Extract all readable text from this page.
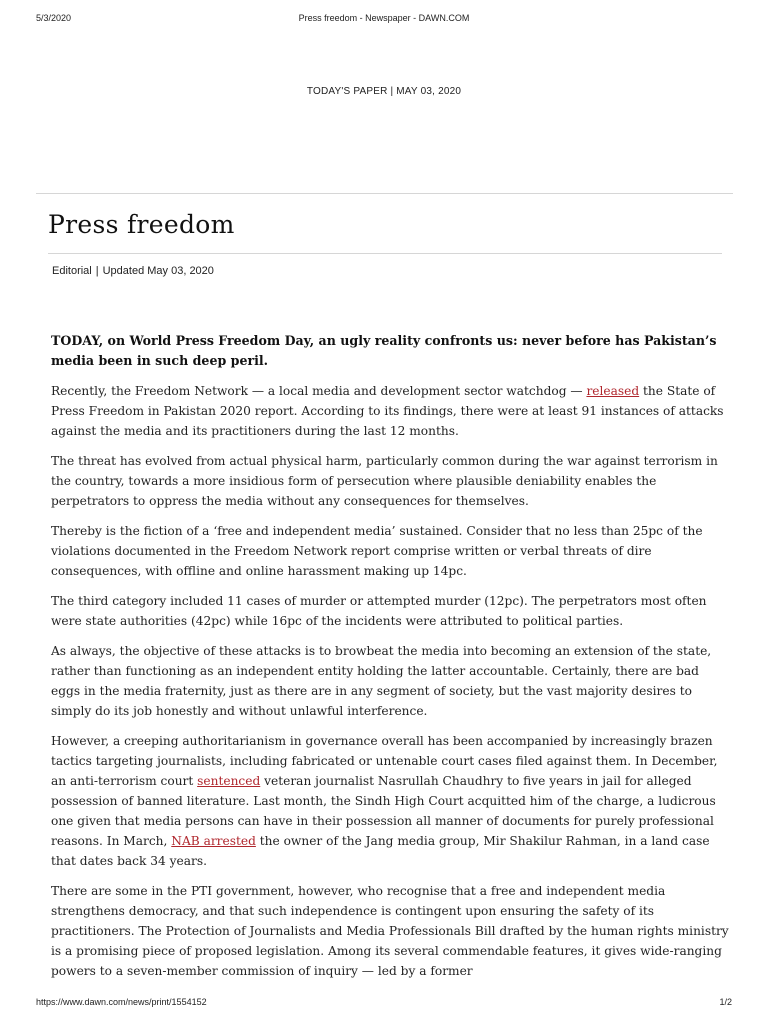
Press freedom - Newspaper - DAWN.COM
5/3/2020
TODAY'S PAPER | MAY 03, 2020
Press freedom
Editorial | Updated May 03, 2020

TODAY, on World Press Freedom Day, an ugly reality confronts us: never before has Pakistan’s media been in such deep peril.

Recently, the Freedom Network — a local media and development sector watchdog — released the State of Press Freedom in Pakistan 2020 report. According to its findings, there were at least 91 instances of attacks against the media and its practitioners during the last 12 months.

The threat has evolved from actual physical harm, particularly common during the war against terrorism in the country, towards a more insidious form of persecution where plausible deniability enables the perpetrators to oppress the media without any consequences for themselves.

Thereby is the fiction of a ‘free and independent media’ sustained. Consider that no less than 25pc of the violations documented in the Freedom Network report comprise written or verbal threats of dire consequences, with offline and online harassment making up 14pc.

The third category included 11 cases of murder or attempted murder (12pc). The perpetrators most often were state authorities (42pc) while 16pc of the incidents were attributed to political parties.

As always, the objective of these attacks is to browbeat the media into becoming an extension of the state, rather than functioning as an independent entity holding the latter accountable. Certainly, there are bad eggs in the media fraternity, just as there are in any segment of society, but the vast majority desires to simply do its job honestly and without unlawful interference.

However, a creeping authoritarianism in governance overall has been accompanied by increasingly brazen tactics targeting journalists, including fabricated or untenable court cases filed against them. In December, an anti-terrorism court sentenced veteran journalist Nasrullah Chaudhry to five years in jail for alleged possession of banned literature. Last month, the Sindh High Court acquitted him of the charge, a ludicrous one given that media persons can have in their possession all manner of documents for purely professional reasons. In March, NAB arrested the owner of the Jang media group, Mir Shakilur Rahman, in a land case that dates back 34 years.

There are some in the PTI government, however, who recognise that a free and independent media strengthens democracy, and that such independence is contingent upon ensuring the safety of its practitioners. The Protection of Journalists and Media Professionals Bill drafted by the human rights ministry is a promising piece of proposed legislation. Among its several commendable features, it gives wide-ranging powers to a seven-member commission of inquiry — led by a former

https://www.dawn.com/news/print/1554152	1/2
